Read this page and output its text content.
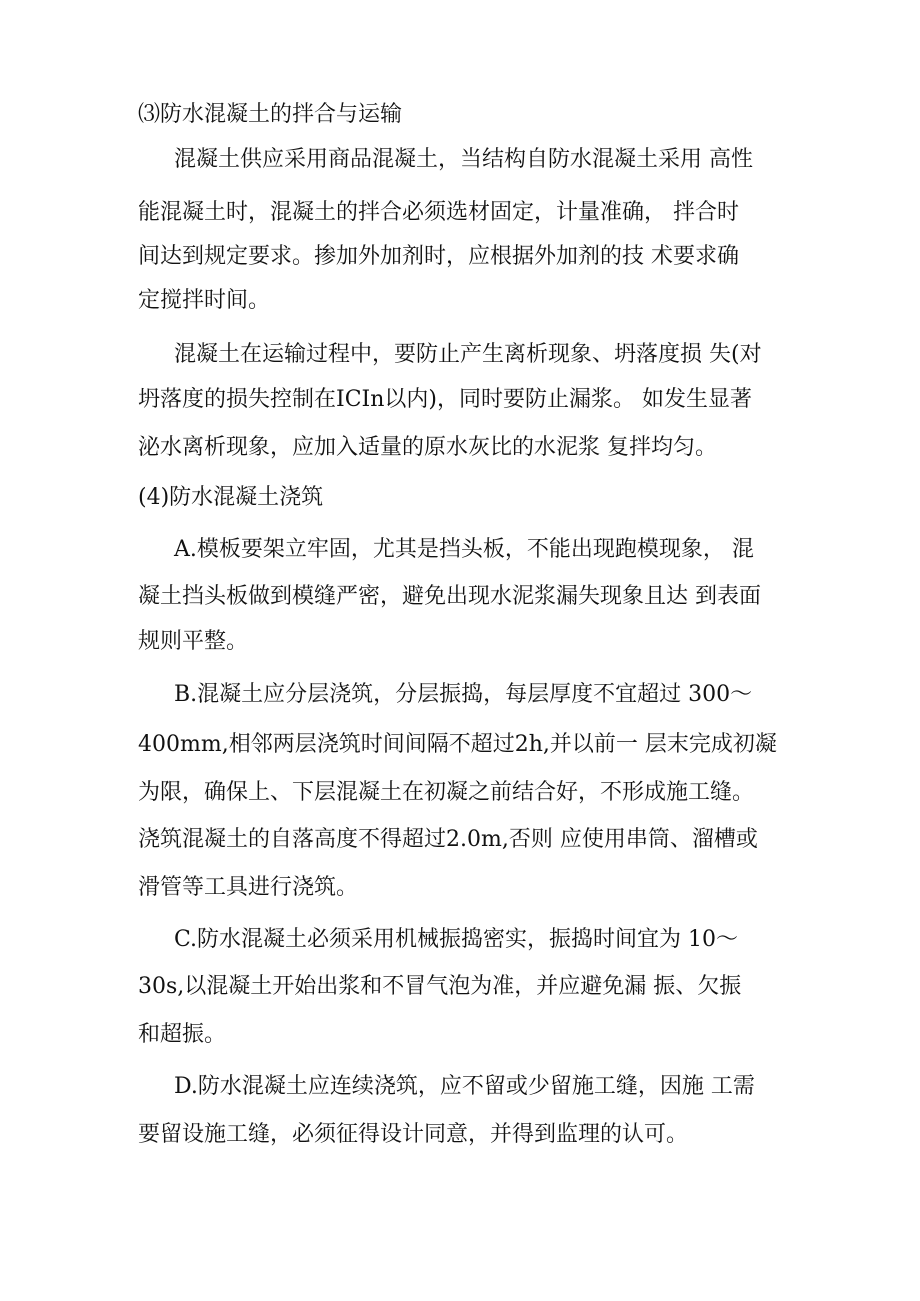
⑶防水混凝土的拌合与运输
混凝土供应采用商品混凝土，当结构自防水混凝土采用 高性
能混凝土时，混凝土的拌合必须选材固定，计量准确， 拌合时
间达到规定要求。掺加外加剂时，应根据外加剂的技 术要求确
定搅拌时间。
混凝土在运输过程中，要防止产生离析现象、坍落度损 失(对
坍落度的损失控制在ICIn以内)，同时要防止漏浆。 如发生显著
泌水离析现象，应加入适量的原水灰比的水泥浆 复拌均匀。
(4)防水混凝土浇筑
A.模板要架立牢固，尤其是挡头板，不能出现跑模现象， 混
凝土挡头板做到模缝严密，避免出现水泥浆漏失现象且达 到表面
规则平整。
B.混凝土应分层浇筑，分层振捣，每层厚度不宜超过 300～
400mm,相邻两层浇筑时间间隔不超过2h,并以前一 层末完成初凝
为限，确保上、下层混凝土在初凝之前结合好，不形成施工缝。
浇筑混凝土的自落高度不得超过2.0m,否则 应使用串筒、溜槽或
滑管等工具进行浇筑。
C.防水混凝土必须采用机械振捣密实，振捣时间宜为 10～
30s,以混凝土开始出浆和不冒气泡为准，并应避免漏 振、欠振
和超振。
D.防水混凝土应连续浇筑，应不留或少留施工缝，因施 工需
要留设施工缝，必须征得设计同意，并得到监理的认可。
